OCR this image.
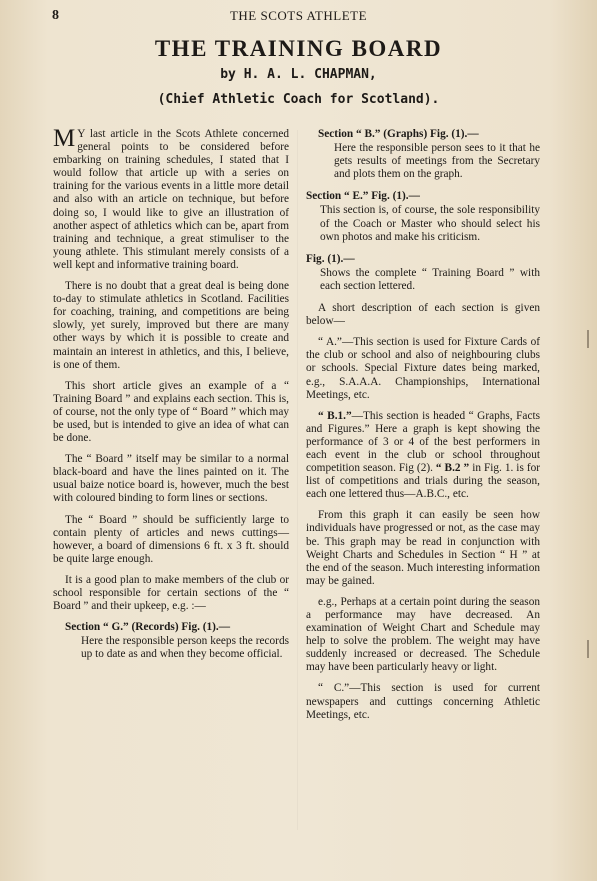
8	THE SCOTS ATHLETE
THE TRAINING BOARD
by H. A. L. CHAPMAN,
(Chief Athletic Coach for Scotland).

M Y last article in the Scots Athlete concerned general points to be considered before embarking on training schedules, I stated that I would follow that article up with a series on training for the various events in a little more detail and also with an article on technique, but before doing so, I would like to give an illustration of another aspect of athletics which can be, apart from training and technique, a great stimuliser to the young athlete. This stimulant merely consists of a well kept and informative training board.

There is no doubt that a great deal is being done to-day to stimulate athletics in Scotland. Facilities for coaching, training, and competitions are being slowly, yet surely, improved but there are many other ways by which it is possible to create and maintain an interest in athletics, and this, I believe, is one of them.

This short article gives an example of a “ Training Board ” and explains each section. This is, of course, not the only type of “ Board ” which may be used, but is intended to give an idea of what can be done.

The “ Board ” itself may be similar to a normal black-board and have the lines painted on it. The usual baize notice board is, however, much the best with coloured binding to form lines or sections.

The “ Board ” should be sufficiently large to contain plenty of articles and news cuttings—however, a board of dimensions 6 ft. x 3 ft. should be quite large enough.

It is a good plan to make members of the club or school responsible for certain sections of the “ Board ” and their upkeep, e.g. :—

Section “ G.” (Records) Fig. (1).—
Here the responsible person keeps the records up to date as and when they become official.
Section “ B.” (Graphs) Fig. (1).—
Here the responsible person sees to it that he gets results of meetings from the Secretary and plots them on the graph.
Section “ E.” Fig. (1).—
This section is, of course, the sole responsibility of the Coach or Master who should select his own photos and make his criticism.
Fig. (1).—
Shows the complete “ Training Board ” with each section lettered.

A short description of each section is given below—

“ A.”—This section is used for Fixture Cards of the club or school and also of neighbouring clubs or schools. Special Fixture dates being marked, e.g., S.A.A.A. Championships, International Meetings, etc.

“ B.1.”—This section is headed “ Graphs, Facts and Figures.” Here a graph is kept showing the performance of 3 or 4 of the best performers in each event in the club or school throughout competition season. Fig (2). “ B.2 ” in Fig. 1. is for list of competitions and trials during the season, each one lettered thus—A.B.C., etc.

From this graph it can easily be seen how individuals have progressed or not, as the case may be. This graph may be read in conjunction with Weight Charts and Schedules in Section “ H ” at the end of the season. Much interesting information may be gained.

e.g., Perhaps at a certain point during the season a performance may have decreased. An examination of Weight Chart and Schedule may help to solve the problem. The weight may have suddenly increased or decreased. The Schedule may have been particularly heavy or light.

“ C.”—This section is used for current newspapers and cuttings concerning Athletic Meetings, etc.
